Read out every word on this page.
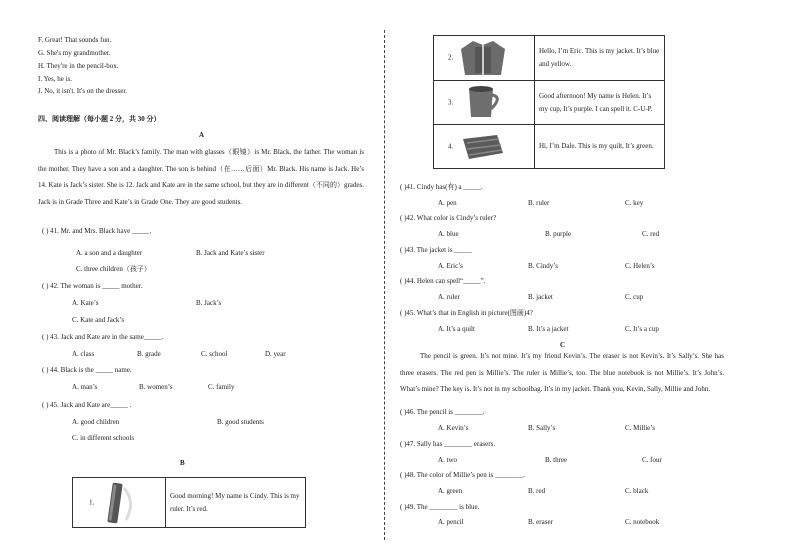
F. Great! That sounds fun.
G. She's my grandmother.
H. They're in the pencil-box.
I. Yes, he is.
J. No, it isn't. It's on the dresser.
四、阅读理解（每小题 2 分，共 30 分）
A
This is a photo of Mr. Black’s family. The man with glasses（眼镜）is Mr. Black, the father. The woman is the mother. They have a son and a daughter. The son is behind（在……后面）Mr. Black. His name is Jack. He’s 14. Kate is Jack’s sister. She is 12. Jack and Kate are in the same school, but they are in different（不同的）grades. Jack is in Grade Three and Kate’s in Grade One. They are good students.
( ) 41. Mr. and Mrs. Black have _____.
A. a son and a daughter	B. Jack and Kate’s sister
C. three children（孩子）
( ) 42. The woman is _____ mother.
A. Kate’s	B. Jack’s
C. Kate and Jack’s
( ) 43. Jack and Kate are in the same_____.
A. class	B. grade	C. school	D. year
( ) 44. Black is the _____ name.
A. man’s	B. women’s	C. family
( ) 45. Jack and Kate are_____ .
A. good children	B. good students
C. in different schools
B
1.	Good morning! My name is Cindy. This is my ruler. It’s red.
2.	Hello, I’m Eric. This is my jacket. It’s blue and yellow.
3.	Good afternoon! My name is Helen. It’s my cup, It’s purple. I can spell it. C-U-P.
4.	Hi, I’m Dale. This is my quilt, It’s green.
( )41. Cindy has(有) a _____.
A. pen	B. ruler	C. key
( )42. What color is Cindy’s ruler?
A. blue	B. purple	C. red
( )43. The jacket is _____
A. Eric’s	B. Cindy’s	C. Helen’s
( )44. Helen can spell“_____”.
A. ruler	B. jacket	C. cup
( )45. What’s that in English in picture(图画)4?
A. It’s a quilt	B. It’s a jacket	C. It’s a cup
C
The pencil is green. It’s not mine. It’s my friend Kevin’s. The eraser is not Kevin’s. It’s Sally’s. She has three erasers. The red pen is Millie’s. The ruler is Millie’s, too. The blue notebook is not Millie’s. It’s John’s. What’s mine? The key is. It’s not in my schoolbag. It’s in my jacket. Thank you, Kevin, Sally, Millie and John.
( )46. The pencil is ________.
A. Kevin’s	B. Sally’s	C. Millie’s
( )47. Sally has ________ erasers.
A. two	B. three	C. four
( )48. The color of Millie’s pen is ________.
A. green	B. red	C. black
( )49. The ________ is blue.
A. pencil	B. eraser	C. notebook
